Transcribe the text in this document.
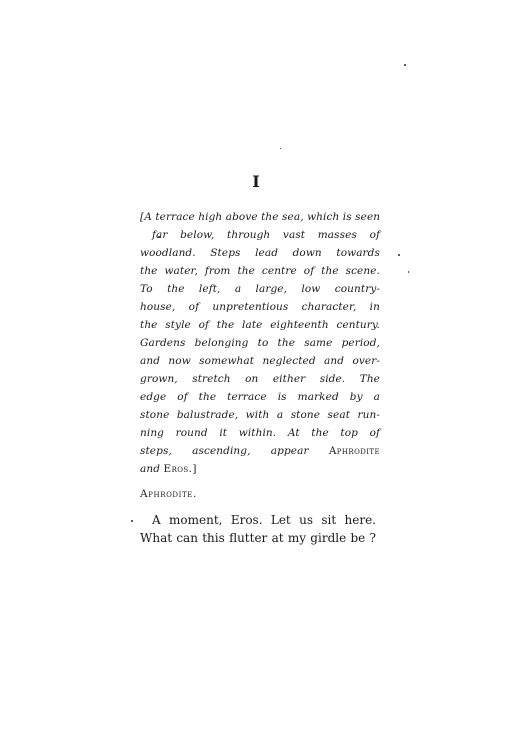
I
[A terrace high above the sea, which is seen
far below, through vast masses of
woodland. Steps lead down towards
the water, from the centre of the scene.
To the left, a large, low country-
house, of unpretentious character, in
the style of the late eighteenth century.
Gardens belonging to the same period,
and now somewhat neglected and over-
grown, stretch on either side. The
edge of the terrace is marked by a
stone balustrade, with a stone seat run-
ning round it within. At the top of
steps, ascending, appear Aphrodite
and Eros.]
Aphrodite.
A moment, Eros. Let us sit here.
What can this flutter at my girdle be ?
